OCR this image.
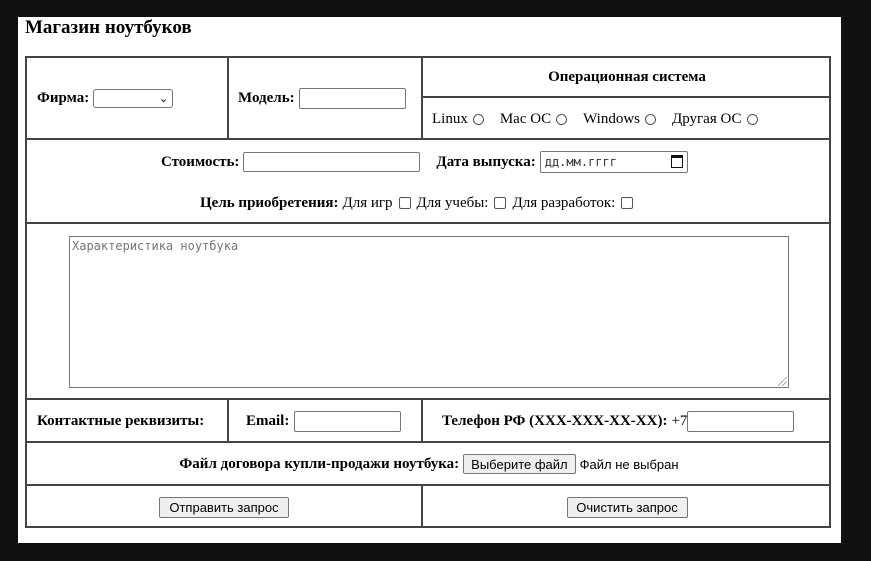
Магазин ноутбуков
Фирма:	⌄	Модель:
Операционная система
Linux Mac OC Windows Другая ОС
Стоимость:	Дата выпуска: дд.мм.гггг
Цель приобретения: Для игр Для учебы: Для разработок:
Характеристика ноутбука
Контактные реквизиты:	Email:	Телефон РФ (XXX-XXX-XX-XX): +7
Файл договора купли-продажи ноутбука: Выберите файл Файл не выбран
Отправить запрос	Очистить запрос
